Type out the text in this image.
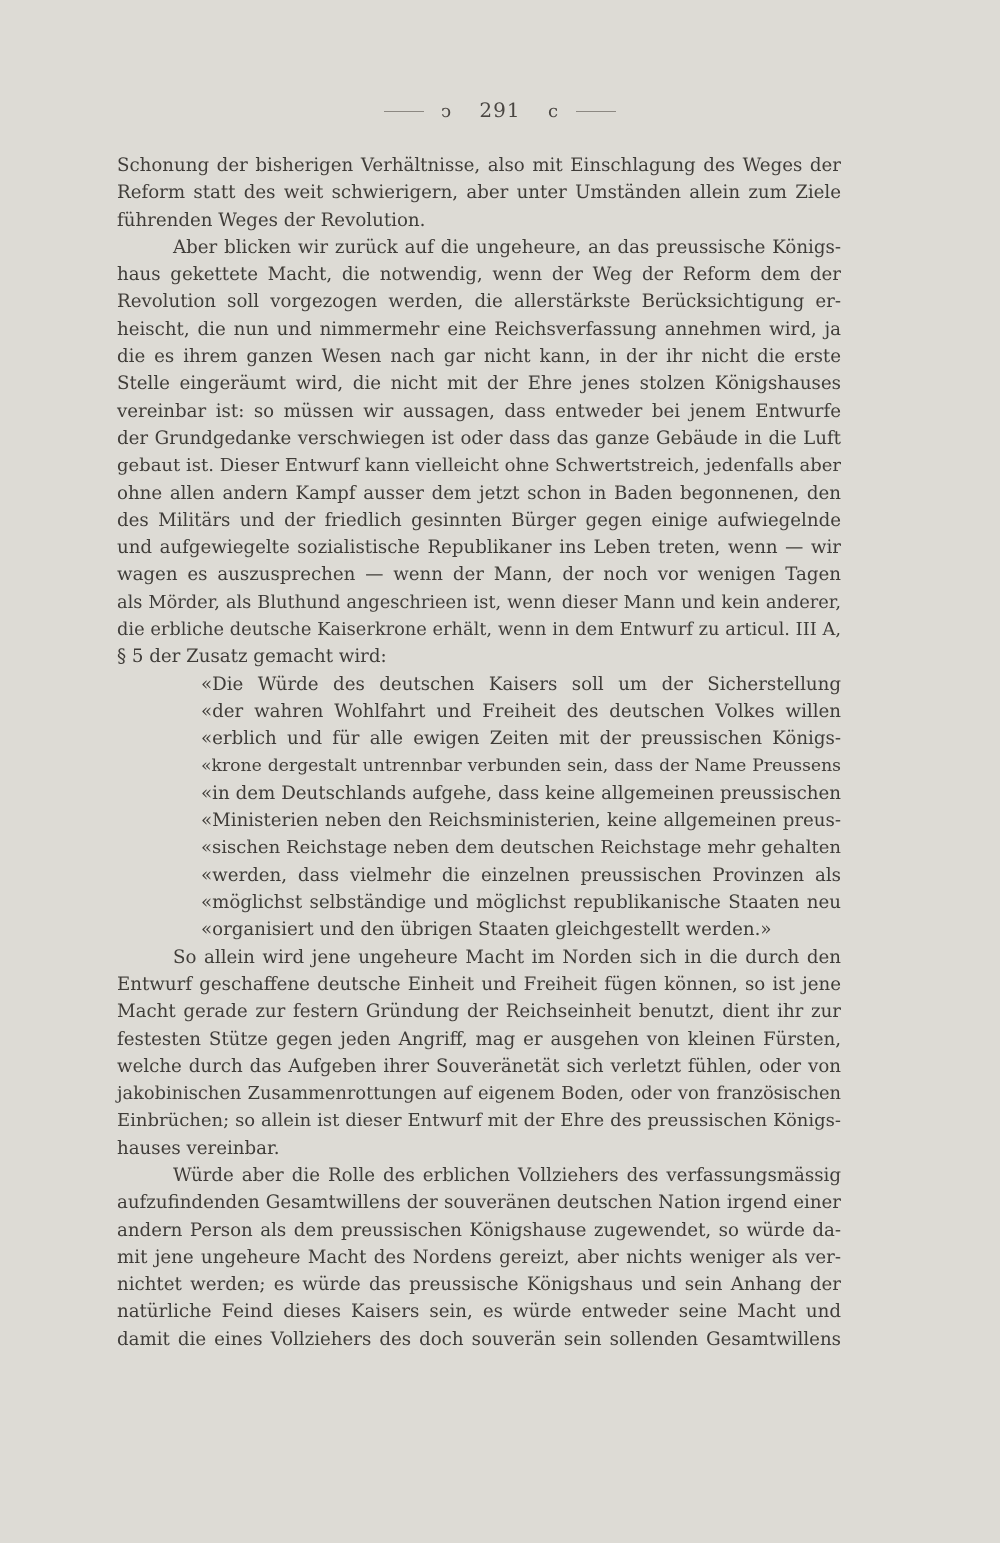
ↄ 291 c
Schonung der bisherigen Verhältnisse, also mit Einschlagung des Weges der
Reform statt des weit schwierigern, aber unter Umständen allein zum Ziele
führenden Weges der Revolution.
Aber blicken wir zurück auf die ungeheure, an das preussische Königs-
haus gekettete Macht, die notwendig, wenn der Weg der Reform dem der
Revolution soll vorgezogen werden, die allerstärkste Berücksichtigung er-
heischt, die nun und nimmermehr eine Reichsverfassung annehmen wird, ja
die es ihrem ganzen Wesen nach gar nicht kann, in der ihr nicht die erste
Stelle eingeräumt wird, die nicht mit der Ehre jenes stolzen Königshauses
vereinbar ist: so müssen wir aussagen, dass entweder bei jenem Entwurfe
der Grundgedanke verschwiegen ist oder dass das ganze Gebäude in die Luft
gebaut ist. Dieser Entwurf kann vielleicht ohne Schwertstreich, jedenfalls aber
ohne allen andern Kampf ausser dem jetzt schon in Baden begonnenen, den
des Militärs und der friedlich gesinnten Bürger gegen einige aufwiegelnde
und aufgewiegelte sozialistische Republikaner ins Leben treten, wenn — wir
wagen es auszusprechen — wenn der Mann, der noch vor wenigen Tagen
als Mörder, als Bluthund angeschrieen ist, wenn dieser Mann und kein anderer,
die erbliche deutsche Kaiserkrone erhält, wenn in dem Entwurf zu articul. III A,
§ 5 der Zusatz gemacht wird:
«Die Würde des deutschen Kaisers soll um der Sicherstellung
«der wahren Wohlfahrt und Freiheit des deutschen Volkes willen
«erblich und für alle ewigen Zeiten mit der preussischen Königs-
«krone dergestalt untrennbar verbunden sein, dass der Name Preussens
«in dem Deutschlands aufgehe, dass keine allgemeinen preussischen
«Ministerien neben den Reichsministerien, keine allgemeinen preus-
«sischen Reichstage neben dem deutschen Reichstage mehr gehalten
«werden, dass vielmehr die einzelnen preussischen Provinzen als
«möglichst selbständige und möglichst republikanische Staaten neu
«organisiert und den übrigen Staaten gleichgestellt werden.»
So allein wird jene ungeheure Macht im Norden sich in die durch den
Entwurf geschaffene deutsche Einheit und Freiheit fügen können, so ist jene
Macht gerade zur festern Gründung der Reichseinheit benutzt, dient ihr zur
festesten Stütze gegen jeden Angriff, mag er ausgehen von kleinen Fürsten,
welche durch das Aufgeben ihrer Souveränetät sich verletzt fühlen, oder von
jakobinischen Zusammenrottungen auf eigenem Boden, oder von französischen
Einbrüchen; so allein ist dieser Entwurf mit der Ehre des preussischen Königs-
hauses vereinbar.
Würde aber die Rolle des erblichen Vollziehers des verfassungsmässig
aufzufindenden Gesamtwillens der souveränen deutschen Nation irgend einer
andern Person als dem preussischen Königshause zugewendet, so würde da-
mit jene ungeheure Macht des Nordens gereizt, aber nichts weniger als ver-
nichtet werden; es würde das preussische Königshaus und sein Anhang der
natürliche Feind dieses Kaisers sein, es würde entweder seine Macht und
damit die eines Vollziehers des doch souverän sein sollenden Gesamtwillens
